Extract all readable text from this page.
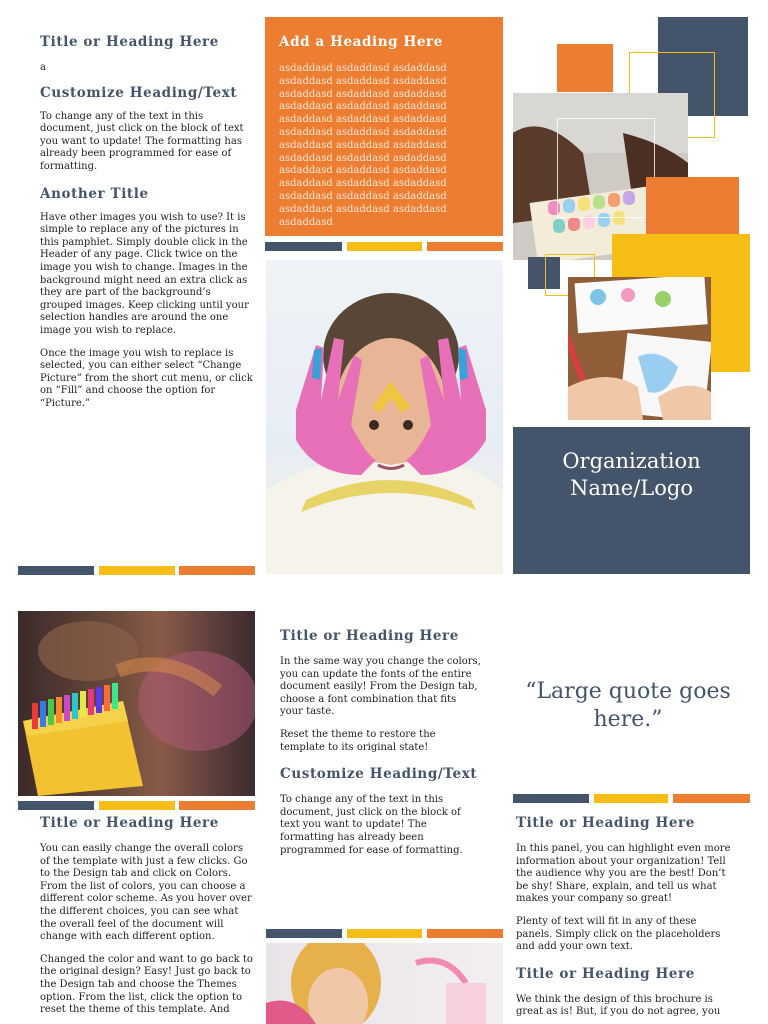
Title or Heading Here

a

Customize Heading/Text

To change any of the text in this document, just click on the block of text you want to update! The formatting has already been programmed for ease of formatting.

Another Title

Have other images you wish to use? It is simple to replace any of the pictures in this pamphlet. Simply double click in the Header of any page. Click twice on the image you wish to change. Images in the background might need an extra click as they are part of the background’s grouped images. Keep clicking until your selection handles are around the one image you wish to replace.

Once the image you wish to replace is selected, you can either select “Change Picture” from the short cut menu, or click on “Fill” and choose the option for “Picture.”

Add a Heading Here

asdaddasd asdaddasd asdaddasd asdaddasd asdaddasd asdaddasd asdaddasd asdaddasd asdaddasd asdaddasd asdaddasd asdaddasd asdaddasd asdaddasd asdaddasd asdaddasd asdaddasd asdaddasd asdaddasd asdaddasd asdaddasd asdaddasd asdaddasd asdaddasd asdaddasd asdaddasd asdaddasd asdaddasd asdaddasd asdaddasd asdaddasd asdaddasd asdaddasd asdaddasd asdaddasd asdaddasd asdaddasd

Organization Name/Logo
Title or Heading Here

You can easily change the overall colors of the template with just a few clicks. Go to the Design tab and click on Colors. From the list of colors, you can choose a different color scheme. As you hover over the different choices, you can see what the overall feel of the document will change with each different option.

Changed the color and want to go back to the original design? Easy! Just go back to the Design tab and choose the Themes option. From the list, click the option to reset the theme of this template. And

Title or Heading Here

In the same way you change the colors, you can update the fonts of the entire document easily! From the Design tab, choose a font combination that fits your taste.

Reset the theme to restore the template to its original state!

Customize Heading/Text

To change any of the text in this document, just click on the block of text you want to update! The formatting has already been programmed for ease of formatting.

“Large quote goes here.”
Title or Heading Here

In this panel, you can highlight even more information about your organization! Tell the audience why you are the best! Don’t be shy! Share, explain, and tell us what makes your company so great!

Plenty of text will fit in any of these panels. Simply click on the placeholders and add your own text.

Title or Heading Here

We think the design of this brochure is great as is! But, if you do not agree, you
